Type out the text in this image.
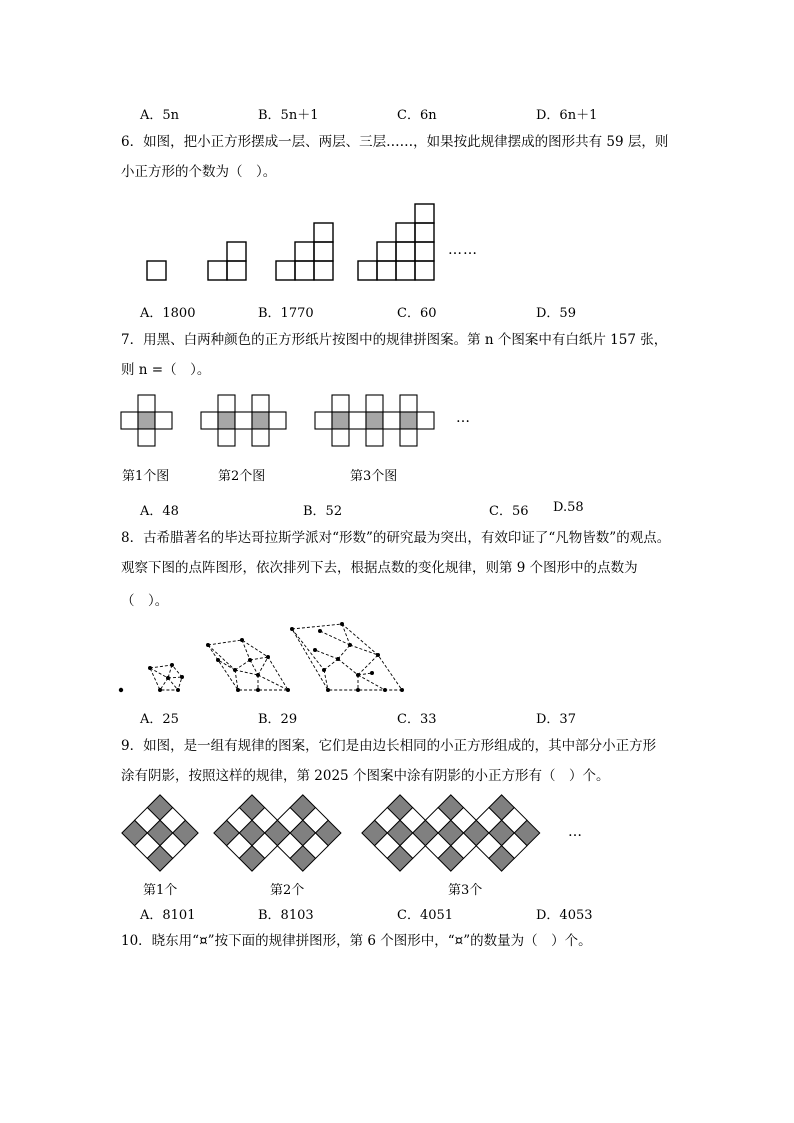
A．5n	B．5n＋1	C．6n	D．6n＋1
6．如图，把小正方形摆成一层、两层、三层……，如果按此规律摆成的图形共有 59 层，则
小正方形的个数为（　）。
……
A．1800	B．1770	C．60	D．59
7．用黑、白两种颜色的正方形纸片按图中的规律拼图案。第 n 个图案中有白纸片 157 张，
则 n =（　）。
…
第1个图	第2个图	第3个图
A．48	B．52	C．56 D.58
8．古希腊著名的毕达哥拉斯学派对“形数”的研究最为突出，有效印证了“凡物皆数”的观点。
观察下图的点阵图形，依次排列下去，根据点数的变化规律，则第 9 个图形中的点数为
（　）。
A．25	B．29	C．33	D．37
9．如图，是一组有规律的图案，它们是由边长相同的小正方形组成的，其中部分小正方形
涂有阴影，按照这样的规律，第 2025 个图案中涂有阴影的小正方形有（　）个。
…
第1个	第2个	第3个
A．8101	B．8103	C．4051	D．4053
10．晓东用“¤”按下面的规律拼图形，第 6 个图形中，“¤”的数量为（　）个。
